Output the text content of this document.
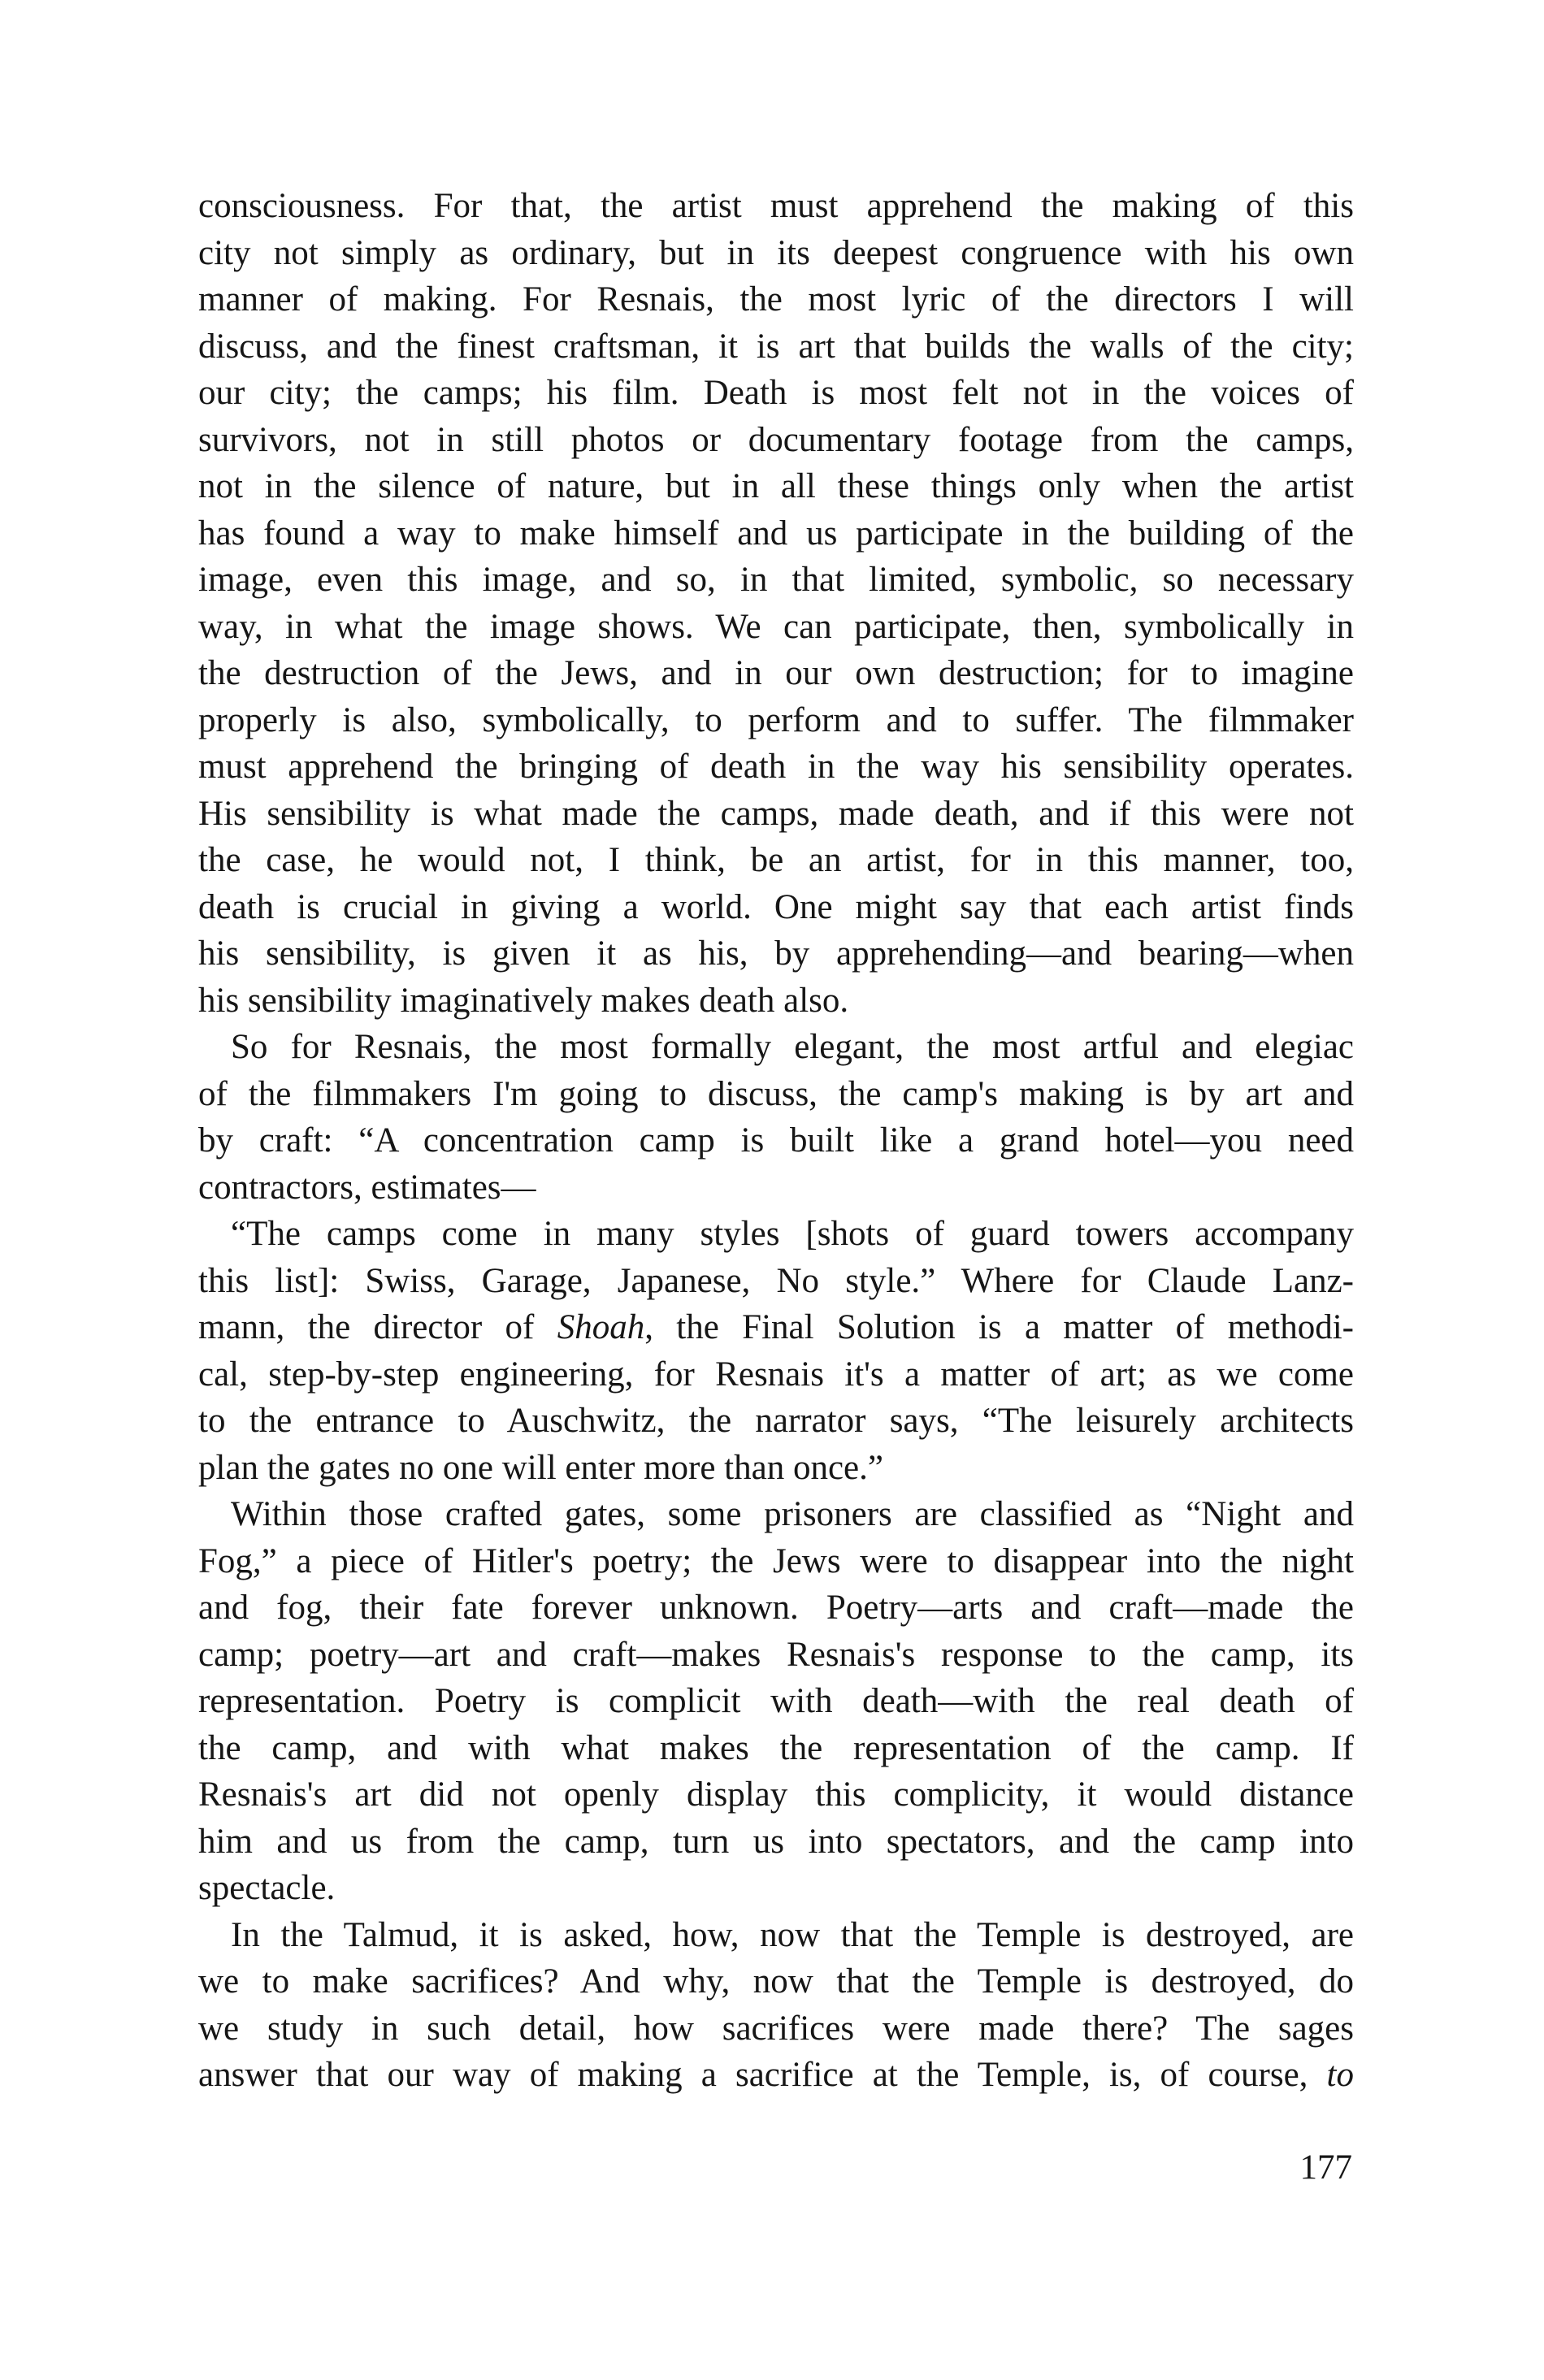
consciousness. For that, the artist must apprehend the making of this
city not simply as ordinary, but in its deepest congruence with his own
manner of making. For Resnais, the most lyric of the directors I will
discuss, and the finest craftsman, it is art that builds the walls of the city;
our city; the camps; his film. Death is most felt not in the voices of
survivors, not in still photos or documentary footage from the camps,
not in the silence of nature, but in all these things only when the artist
has found a way to make himself and us participate in the building of the
image, even this image, and so, in that limited, symbolic, so necessary
way, in what the image shows. We can participate, then, symbolically in
the destruction of the Jews, and in our own destruction; for to imagine
properly is also, symbolically, to perform and to suffer. The filmmaker
must apprehend the bringing of death in the way his sensibility operates.
His sensibility is what made the camps, made death, and if this were not
the case, he would not, I think, be an artist, for in this manner, too,
death is crucial in giving a world. One might say that each artist finds
his sensibility, is given it as his, by apprehending—and bearing—when
his sensibility imaginatively makes death also.
So for Resnais, the most formally elegant, the most artful and elegiac
of the filmmakers I'm going to discuss, the camp's making is by art and
by craft: “A concentration camp is built like a grand hotel—you need
contractors, estimates—
“The camps come in many styles [shots of guard towers accompany
this list]: Swiss, Garage, Japanese, No style.” Where for Claude Lanz-
mann, the director of Shoah, the Final Solution is a matter of methodi-
cal, step-by-step engineering, for Resnais it's a matter of art; as we come
to the entrance to Auschwitz, the narrator says, “The leisurely architects
plan the gates no one will enter more than once.”
Within those crafted gates, some prisoners are classified as “Night and
Fog,” a piece of Hitler's poetry; the Jews were to disappear into the night
and fog, their fate forever unknown. Poetry—arts and craft—made the
camp; poetry—art and craft—makes Resnais's response to the camp, its
representation. Poetry is complicit with death—with the real death of
the camp, and with what makes the representation of the camp. If
Resnais's art did not openly display this complicity, it would distance
him and us from the camp, turn us into spectators, and the camp into
spectacle.
In the Talmud, it is asked, how, now that the Temple is destroyed, are
we to make sacrifices? And why, now that the Temple is destroyed, do
we study in such detail, how sacrifices were made there? The sages
answer that our way of making a sacrifice at the Temple, is, of course, to
177
